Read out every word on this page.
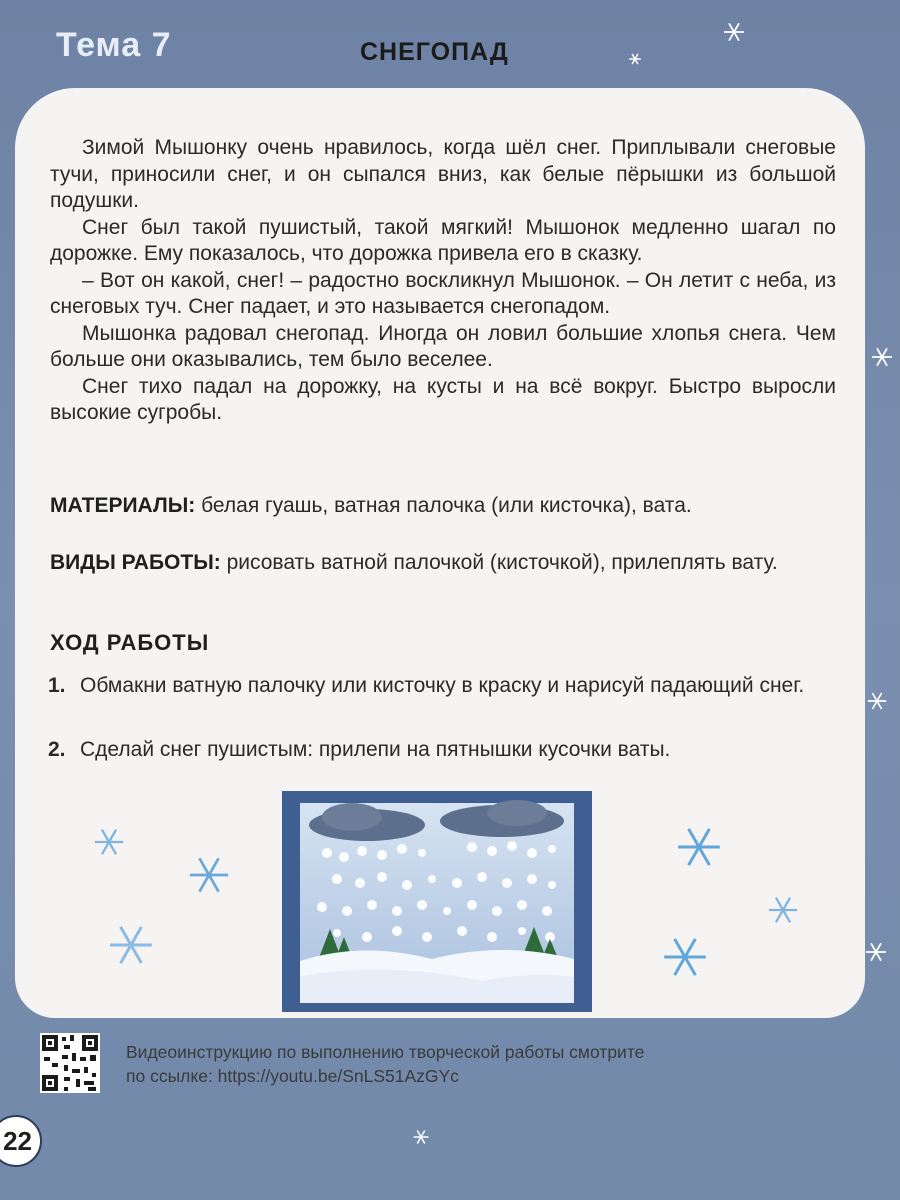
Тема 7	СНЕГОПАД

Зимой Мышонку очень нравилось, когда шёл снег. Приплывали снеговые тучи, приносили снег, и он сыпался вниз, как белые пёрышки из большой подушки.

Снег был такой пушистый, такой мягкий! Мышонок медленно шагал по дорожке. Ему показалось, что дорожка привела его в сказку.

– Вот он какой, снег! – радостно воскликнул Мышонок. – Он летит с неба, из снеговых туч. Снег падает, и это называется снегопадом.

Мышонка радовал снегопад. Иногда он ловил большие хлопья снега. Чем больше они оказывались, тем было веселее.

Снег тихо падал на дорожку, на кусты и на всё вокруг. Быстро выросли высокие сугробы.

МАТЕРИАЛЫ: белая гуашь, ватная палочка (или кисточка), вата.
ВИДЫ РАБОТЫ: рисовать ватной палочкой (кисточкой), прилеплять вату.
ХОД РАБОТЫ
1. Обмакни ватную палочку или кисточку в краску и нарисуй падающий снег.
2. Сделай снег пушистым: прилепи на пятнышки кусочки ваты.
Видеоинструкцию по выполнению творческой работы смотрите
по ссылке: https://youtu.be/SnLS51AzGYc
22
